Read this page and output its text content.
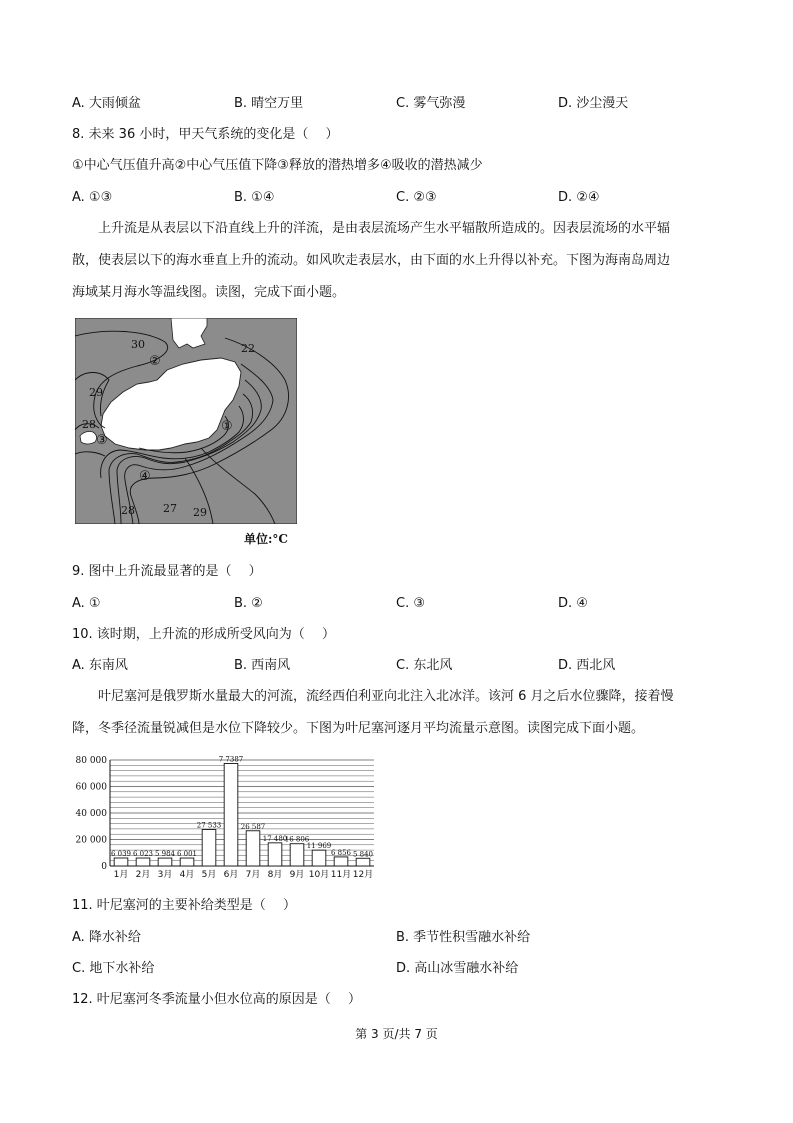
A. 大雨倾盆	B. 晴空万里	C. 雾气弥漫	D. 沙尘漫天
8. 未来 36 小时，甲天气系统的变化是（　 ）
①中心气压值升高②中心气压值下降③释放的潜热增多④吸收的潜热减少
A. ①③	B. ①④	C. ②③	D. ②④
上升流是从表层以下沿直线上升的洋流，是由表层流场产生水平辐散所造成的。因表层流场的水平辐
散，使表层以下的海水垂直上升的流动。如风吹走表层水，由下面的水上升得以补充。下图为海南岛周边
海域某月海水等温线图。读图，完成下面小题。
30	22
29
28
28	27 29
①
②
③
④
单位:°C
9. 图中上升流最显著的是（　 ）
A. ①	B. ②	C. ③	D. ④
10. 该时期，上升流的形成所受风向为（　 ）
A. 东南风	B. 西南风	C. 东北风	D. 西北风
叶尼塞河是俄罗斯水量最大的河流，流经西伯利亚向北注入北冰洋。该河 6 月之后水位骤降，接着慢
降，冬季径流量锐减但是水位下降较少。下图为叶尼塞河逐月平均流量示意图。读图完成下面小题。
0
20 000
40 000
60 000
80 000
6 039
1月
6 023
2月
5 984
3月
6 001
4月
27 533
5月
7 7387
6月
26 587
7月
17 480
8月
16 806
9月
11 969
10月
6 856
11月
5 840
12月
11. 叶尼塞河的主要补给类型是（　 ）
A. 降水补给	B. 季节性积雪融水补给
C. 地下水补给	D. 高山冰雪融水补给
12. 叶尼塞河冬季流量小但水位高的原因是（　 ）
第 3 页/共 7 页
